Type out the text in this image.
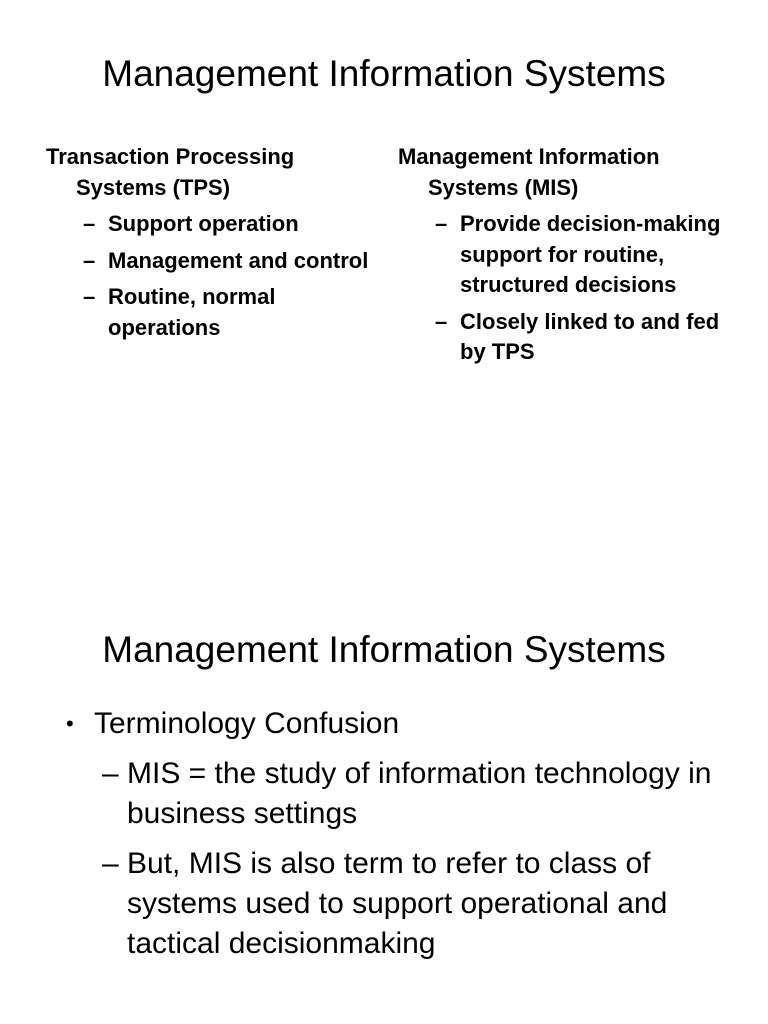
Management Information Systems
Transaction Processing Systems (TPS)
– Support operation
– Management and control
– Routine, normal operations
Management Information Systems (MIS)
– Provide decision-making support for routine, structured decisions
– Closely linked to and fed by TPS
Management Information Systems
• Terminology Confusion
– MIS = the study of information technology in business settings
– But, MIS is also term to refer to class of systems used to support operational and tactical decisionmaking
